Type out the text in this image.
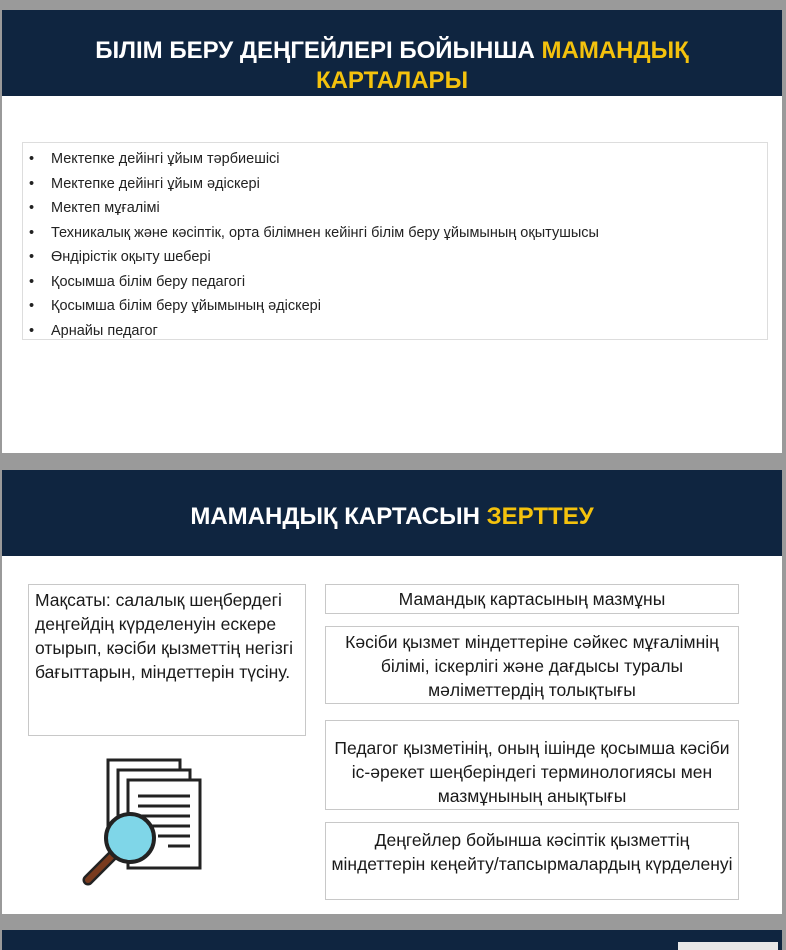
БІЛІМ БЕРУ ДЕҢГЕЙЛЕРІ БОЙЫНША МАМАНДЫҚ
КАРТАЛАРЫ
• Мектепке дейінгі ұйым тәрбиешісі
• Мектепке дейінгі ұйым әдіскері
• Мектеп мұғалімі
• Техникалық және кәсіптік, орта білімнен кейінгі білім беру ұйымының оқытушысы
• Өндірістік оқыту шебері
• Қосымша білім беру педагогі
• Қосымша білім беру ұйымының әдіскері
• Арнайы педагог
МАМАНДЫҚ КАРТАСЫН ЗЕРТТЕУ
Мақсаты: салалық шеңбердегі деңгейдің күрделенуін ескере отырып, кәсіби қызметтің негізгі бағыттарын, міндеттерін түсіну.
Мамандық картасының мазмұны
Кәсіби қызмет міндеттеріне сәйкес мұғалімнің білімі, іскерлігі және дағдысы туралы мәліметтердің толықтығы
Педагог қызметінің, оның ішінде қосымша кәсіби іс-әрекет шеңберіндегі терминологиясы мен мазмұнының анықтығы
Деңгейлер бойынша кәсіптік қызметтің міндеттерін кеңейту/тапсырмалардың күрделенуі
